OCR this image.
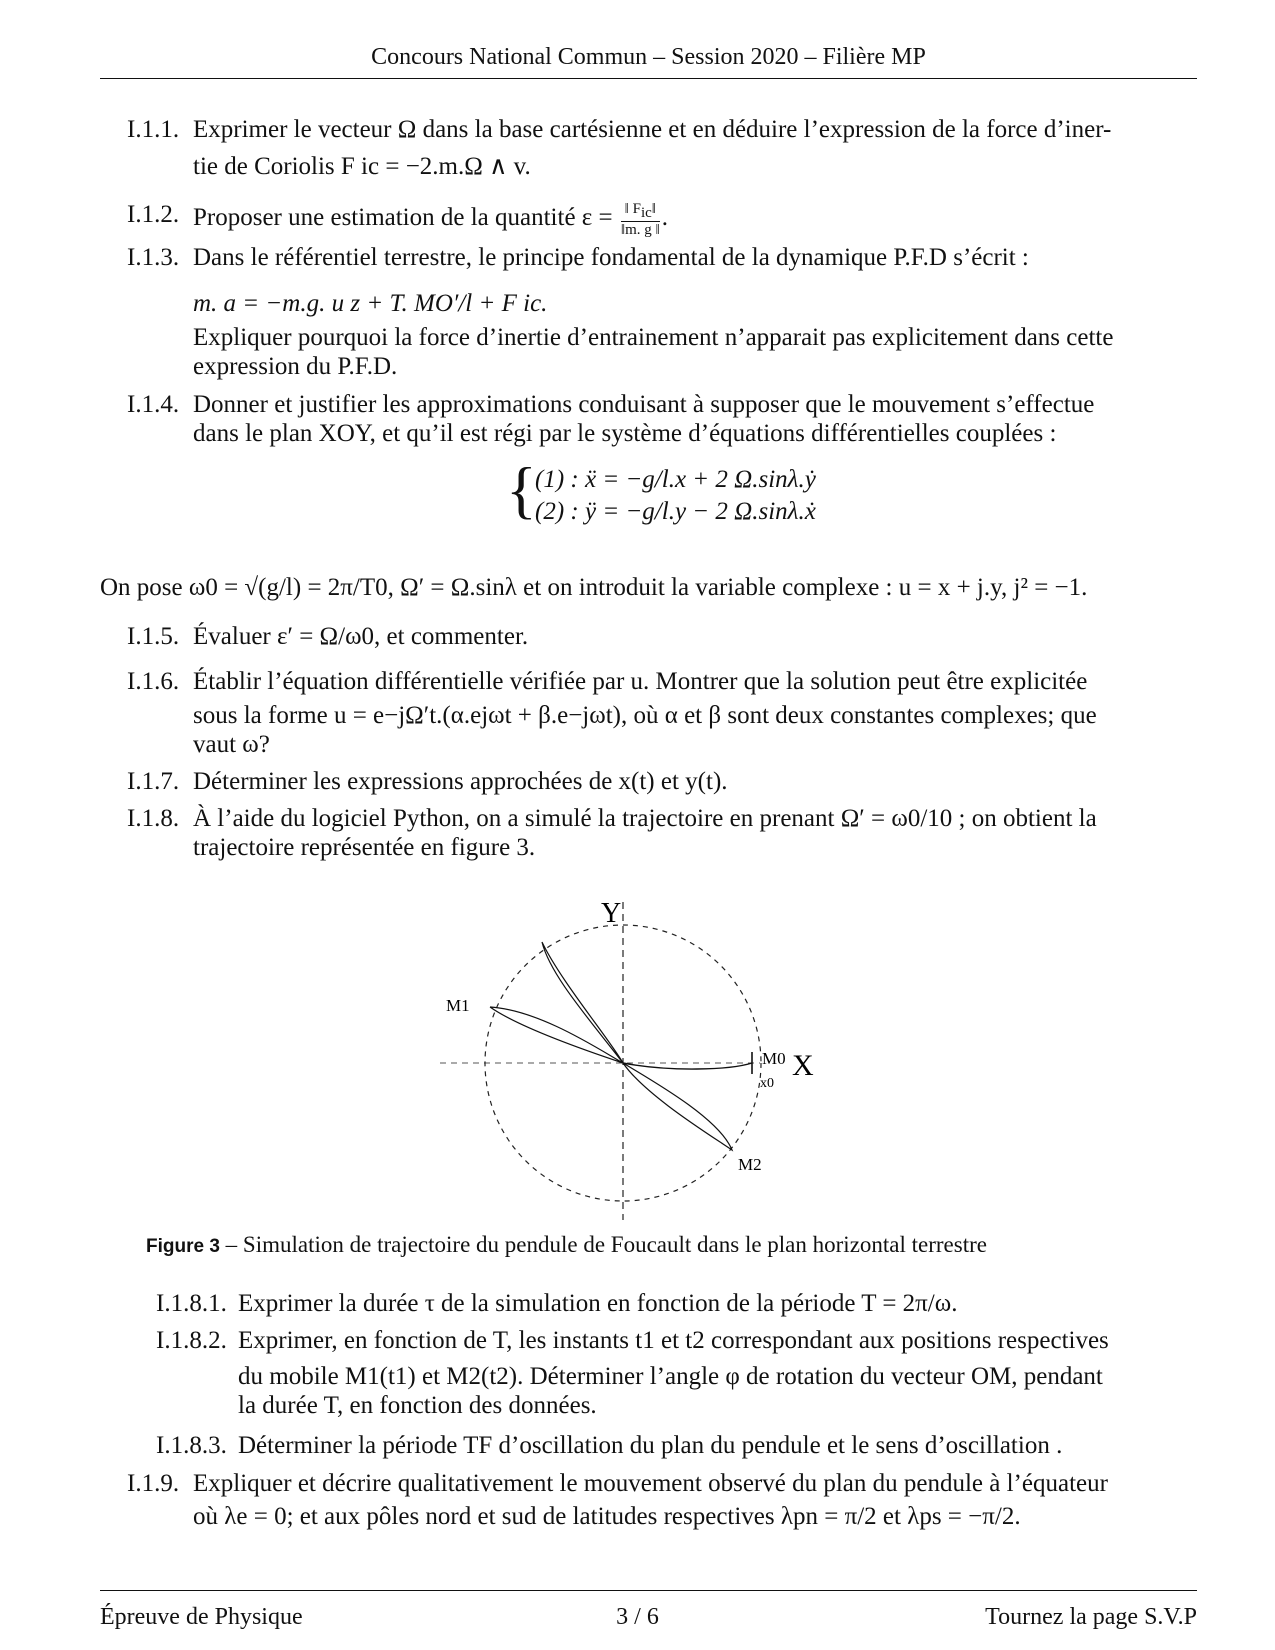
Concours National Commun – Session 2020 – Filière MP
I.1.1. Exprimer le vecteur Ω dans la base cartésienne et en déduire l’expression de la force d’iner-
tie de Coriolis F ic = −2.m.Ω ∧ v.
I.1.2. Proposer une estimation de la quantité $\varepsilon = \frac{‖ F_{ic}‖}{‖m. g ‖}$ .
I.1.3. Dans le référentiel terrestre, le principe fondamental de la dynamique P.F.D s’écrit :
m. a = −m.g. u z + T. MO′/l + F ic.
Expliquer pourquoi la force d’inertie d’entrainement n’apparait pas explicitement dans cette
expression du P.F.D.
I.1.4. Donner et justifier les approximations conduisant à supposer que le mouvement s’effectue
dans le plan XOY, et qu’il est régi par le système d’équations différentielles couplées :
{
(1) : ẍ = −g/l.x + 2 Ω.sinλ.ẏ
(2) : ÿ = −g/l.y − 2 Ω.sinλ.ẋ
On pose ω0 = √(g/l) = 2π/T0, Ω′ = Ω.sinλ et on introduit la variable complexe : u = x + j.y, j² = −1.
I.1.5. Évaluer ε′ = Ω/ω0, et commenter.
I.1.6. Établir l’équation différentielle vérifiée par u. Montrer que la solution peut être explicitée
sous la forme u = e−jΩ′t.(α.ejωt + β.e−jωt), où α et β sont deux constantes complexes; que
vaut ω?
I.1.7. Déterminer les expressions approchées de x(t) et y(t).
I.1.8. À l’aide du logiciel Python, on a simulé la trajectoire en prenant Ω′ = ω0/10 ; on obtient la
trajectoire représentée en figure 3.
Y
X
M1
M0
x0
M2
Figure 3 – Simulation de trajectoire du pendule de Foucault dans le plan horizontal terrestre
I.1.8.1. Exprimer la durée τ de la simulation en fonction de la période T = 2π/ω.
I.1.8.2. Exprimer, en fonction de T, les instants t1 et t2 correspondant aux positions respectives
du mobile M1(t1) et M2(t2). Déterminer l’angle φ de rotation du vecteur OM, pendant
la durée T, en fonction des données.
I.1.8.3. Déterminer la période TF d’oscillation du plan du pendule et le sens d’oscillation .
I.1.9. Expliquer et décrire qualitativement le mouvement observé du plan du pendule à l’équateur
où λe = 0; et aux pôles nord et sud de latitudes respectives λpn = π/2 et λps = −π/2.
Épreuve de Physique	3 / 6	Tournez la page S.V.P
